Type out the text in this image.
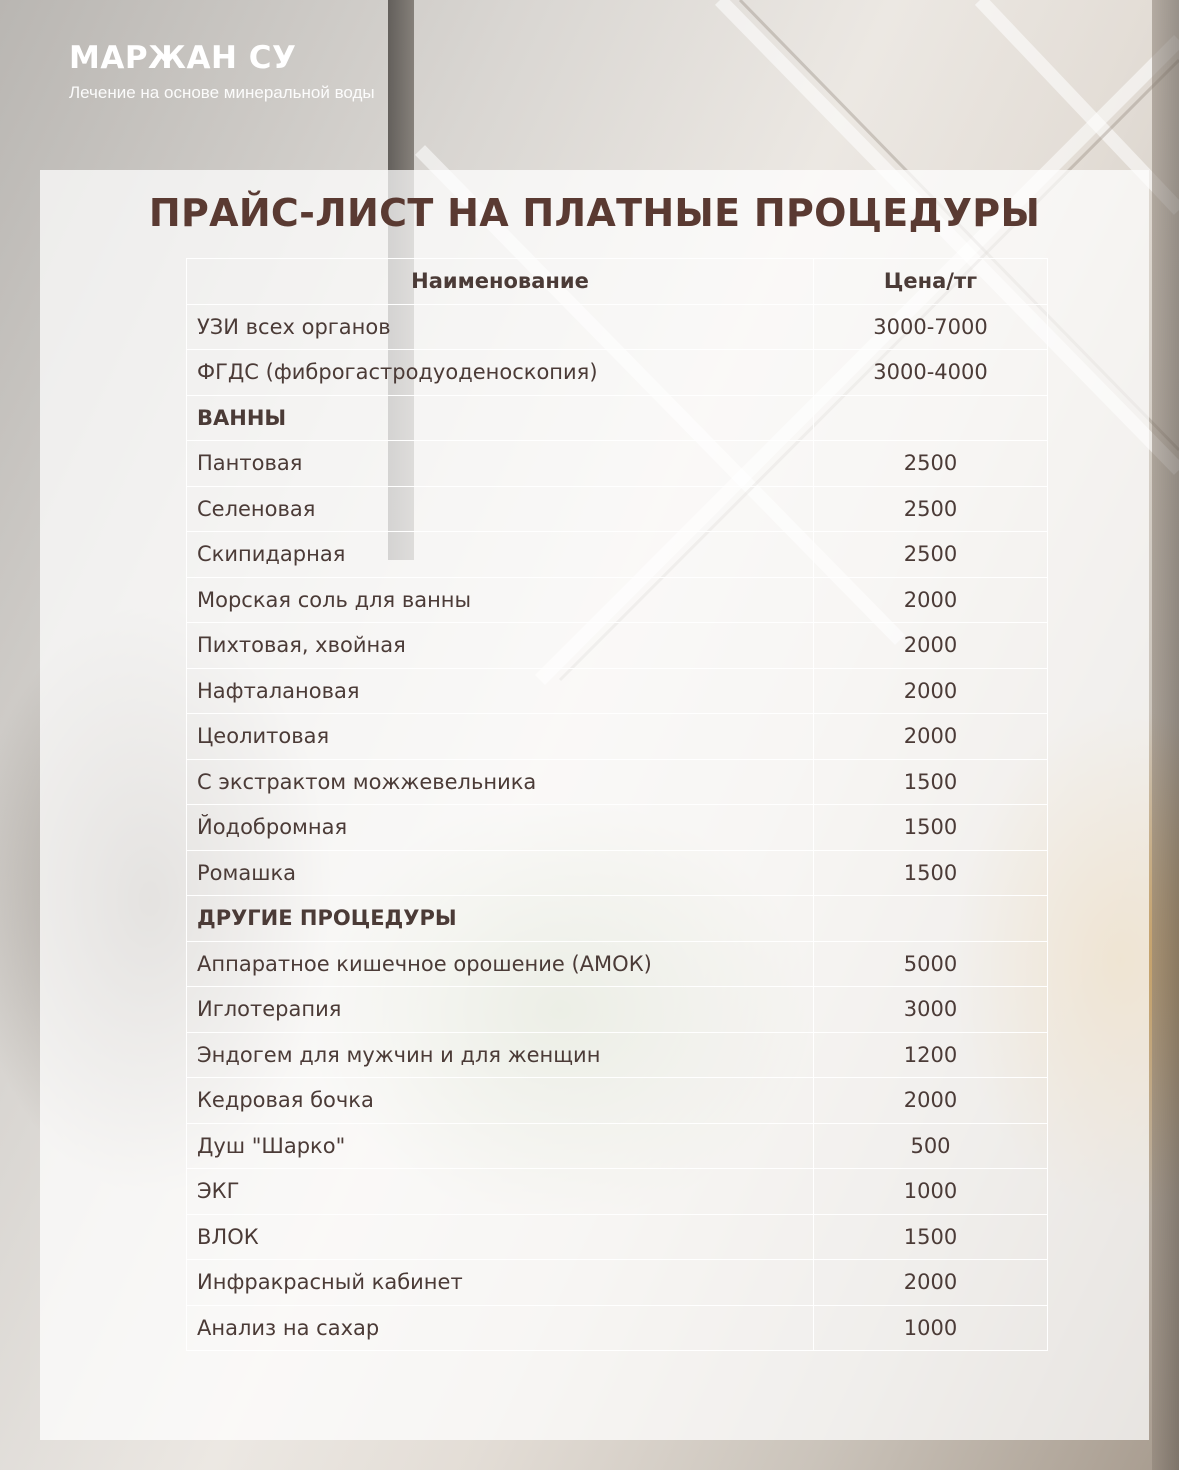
МАРЖАН СУ
Лечение на основе минеральной воды
ПРАЙС-ЛИСТ НА ПЛАТНЫЕ ПРОЦЕДУРЫ
Наименование	Цена/тг
УЗИ всех органов	3000-7000
ФГДС (фиброгастродуоденоскопия)	3000-4000
ВАННЫ	
Пантовая	2500
Селеновая	2500
Скипидарная	2500
Морская соль для ванны	2000
Пихтовая, хвойная	2000
Нафталановая	2000
Цеолитовая	2000
С экстрактом можжевельника	1500
Йодобромная	1500
Ромашка	1500
ДРУГИЕ ПРОЦЕДУРЫ	
Аппаратное кишечное орошение (АМОК)	5000
Иглотерапия	3000
Эндогем для мужчин и для женщин	1200
Кедровая бочка	2000
Душ "Шарко"	500
ЭКГ	1000
ВЛОК	1500
Инфракрасный кабинет	2000
Анализ на сахар	1000
